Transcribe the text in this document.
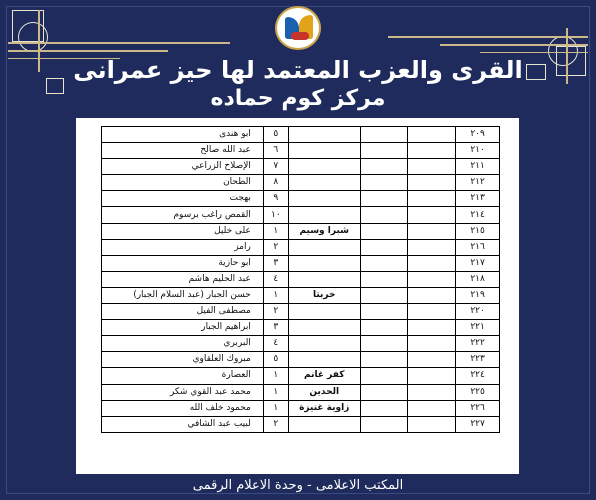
القرى والعزب المعتمد لها حيز عمرانى
مركز كوم حماده
٢٠٩				٥	ابو هندى
٢١٠				٦	عبد الله صالح
٢١١				٧	الإصلاح الزراعي
٢١٢				٨	الطحان
٢١٣				٩	بهجت
٢١٤				١٠	القمص راغب برسوم
٢١٥			شبرا وسيم	١	على خليل
٢١٦				٢	رامز
٢١٧				٣	ابو حازية
٢١٨				٤	عبد الحليم هاشم
٢١٩			خربتا	١	حسن الجبار (عبد السلام الجبار)
٢٢٠				٢	مصطفى الفيل
٢٢١				٣	ابراهيم الجبار
٢٢٢				٤	البربري
٢٢٣				٥	مبروك العلقاوي
٢٢٤			كفر غانم	١	العصارة
٢٢٥			الحدين	١	محمد عبد القوي شكر
٢٢٦			زاوية غنيزة	١	محمود خلف الله
٢٢٧				٢	لبيب عبد الشافي
المكتب الاعلامى - وحدة الاعلام الرقمى
